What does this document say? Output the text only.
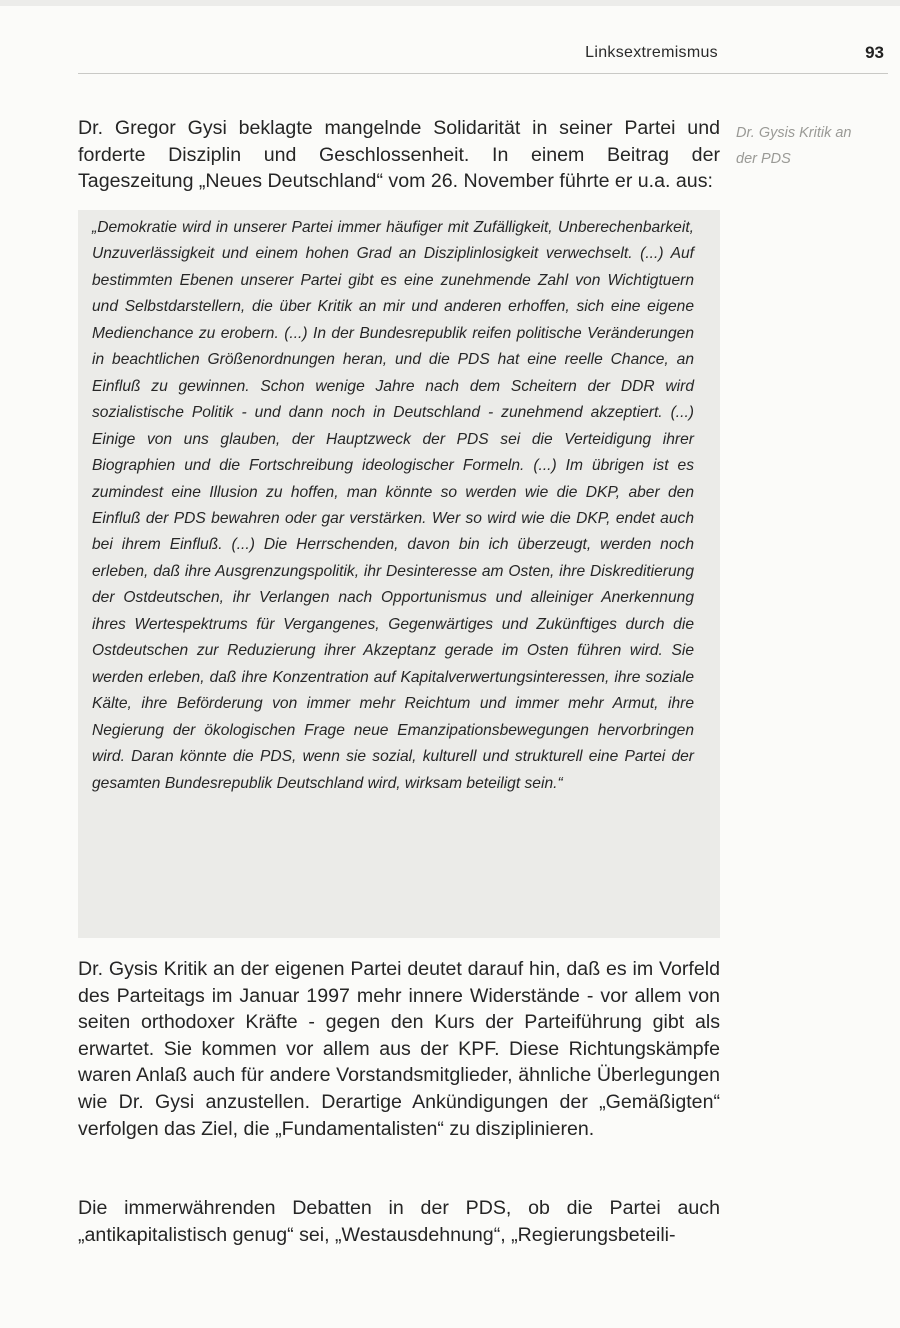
Linksextremismus	93

Dr. Gregor Gysi beklagte mangelnde Solidarität in seiner Partei und forderte Disziplin und Geschlossenheit. In einem Beitrag der Tageszeitung „Neues Deutschland“ vom 26. November führte er u.a. aus:

Dr. Gysis Kritik an der PDS

„Demokratie wird in unserer Partei immer häufiger mit Zufälligkeit, Unberechenbarkeit, Unzuverlässigkeit und einem hohen Grad an Disziplinlosigkeit verwechselt. (...) Auf bestimmten Ebenen unserer Partei gibt es eine zunehmende Zahl von Wichtigtuern und Selbstdarstellern, die über Kritik an mir und anderen erhoffen, sich eine eigene Medienchance zu erobern. (...) In der Bundesrepublik reifen politische Veränderungen in beachtlichen Größenordnungen heran, und die PDS hat eine reelle Chance, an Einfluß zu gewinnen. Schon wenige Jahre nach dem Scheitern der DDR wird sozialistische Politik - und dann noch in Deutschland - zunehmend akzeptiert. (...) Einige von uns glauben, der Hauptzweck der PDS sei die Verteidigung ihrer Biographien und die Fortschreibung ideologischer Formeln. (...) Im übrigen ist es zumindest eine Illusion zu hoffen, man könnte so werden wie die DKP, aber den Einfluß der PDS bewahren oder gar verstärken. Wer so wird wie die DKP, endet auch bei ihrem Einfluß. (...) Die Herrschenden, davon bin ich überzeugt, werden noch erleben, daß ihre Ausgrenzungspolitik, ihr Desinteresse am Osten, ihre Diskreditierung der Ostdeutschen, ihr Verlangen nach Opportunismus und alleiniger Anerkennung ihres Wertespektrums für Vergangenes, Gegenwärtiges und Zukünftiges durch die Ostdeutschen zur Reduzierung ihrer Akzeptanz gerade im Osten führen wird. Sie werden erleben, daß ihre Konzentration auf Kapitalverwertungsinteressen, ihre soziale Kälte, ihre Beförderung von immer mehr Reichtum und immer mehr Armut, ihre Negierung der ökologischen Frage neue Emanzipationsbewegungen hervorbringen wird. Daran könnte die PDS, wenn sie sozial, kulturell und strukturell eine Partei der gesamten Bundesrepublik Deutschland wird, wirksam beteiligt sein.“

Dr. Gysis Kritik an der eigenen Partei deutet darauf hin, daß es im Vorfeld des Parteitags im Januar 1997 mehr innere Widerstände - vor allem von seiten orthodoxer Kräfte - gegen den Kurs der Parteiführung gibt als erwartet. Sie kommen vor allem aus der KPF. Diese Richtungskämpfe waren Anlaß auch für andere Vorstandsmitglieder, ähnliche Überlegungen wie Dr. Gysi anzustellen. Derartige Ankündigungen der „Gemäßigten“ verfolgen das Ziel, die „Fundamentalisten“ zu disziplinieren.

Die immerwährenden Debatten in der PDS, ob die Partei auch „antikapitalistisch genug“ sei, „Westausdehnung“, „Regierungsbeteili-
